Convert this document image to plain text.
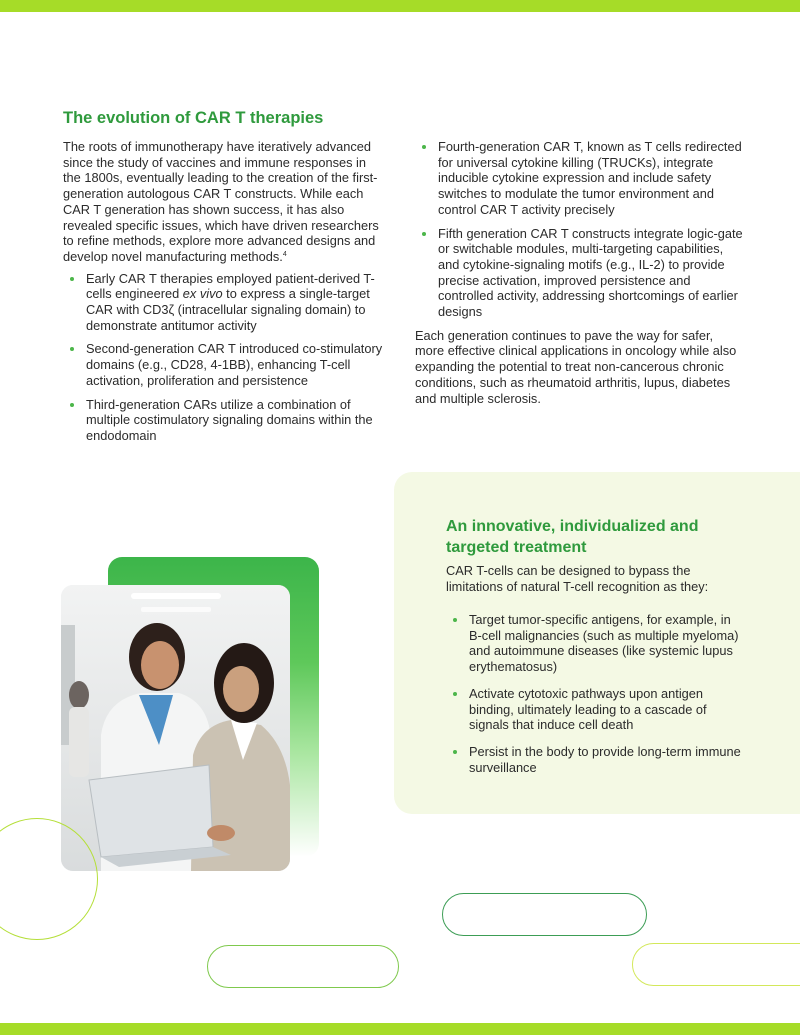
The evolution of CAR T therapies

The roots of immunotherapy have iteratively advanced since the study of vaccines and immune responses in the 1800s, eventually leading to the creation of the first-generation autologous CAR T constructs. While each CAR T generation has shown success, it has also revealed specific issues, which have driven researchers to refine methods, explore more advanced designs and develop novel manufacturing methods.$^4$

Early CAR T therapies employed patient-derived T-cells engineered ex vivo to express a single-target CAR with CD3ζ (intracellular signaling domain) to demonstrate antitumor activity
Second-generation CAR T introduced co-stimulatory domains (e.g., CD28, 4-1BB), enhancing T-cell activation, proliferation and persistence
Third-generation CARs utilize a combination of multiple costimulatory signaling domains within the endodomain
Fourth-generation CAR T, known as T cells redirected for universal cytokine killing (TRUCKs), integrate inducible cytokine expression and include safety switches to modulate the tumor environment and control CAR T activity precisely
Fifth generation CAR T constructs integrate logic-gate or switchable modules, multi-targeting capabilities, and cytokine-signaling motifs (e.g., IL-2) to provide precise activation, improved persistence and controlled activity, addressing shortcomings of earlier designs

Each generation continues to pave the way for safer, more effective clinical applications in oncology while also expanding the potential to treat non-cancerous chronic conditions, such as rheumatoid arthritis, lupus, diabetes and multiple sclerosis.

An innovative, individualized and targeted treatment

CAR T-cells can be designed to bypass the limitations of natural T-cell recognition as they:

Target tumor-specific antigens, for example, in B-cell malignancies (such as multiple myeloma) and autoimmune diseases (like systemic lupus erythematosus)
Activate cytotoxic pathways upon antigen binding, ultimately leading to a cascade of signals that induce cell death
Persist in the body to provide long-term immune surveillance
